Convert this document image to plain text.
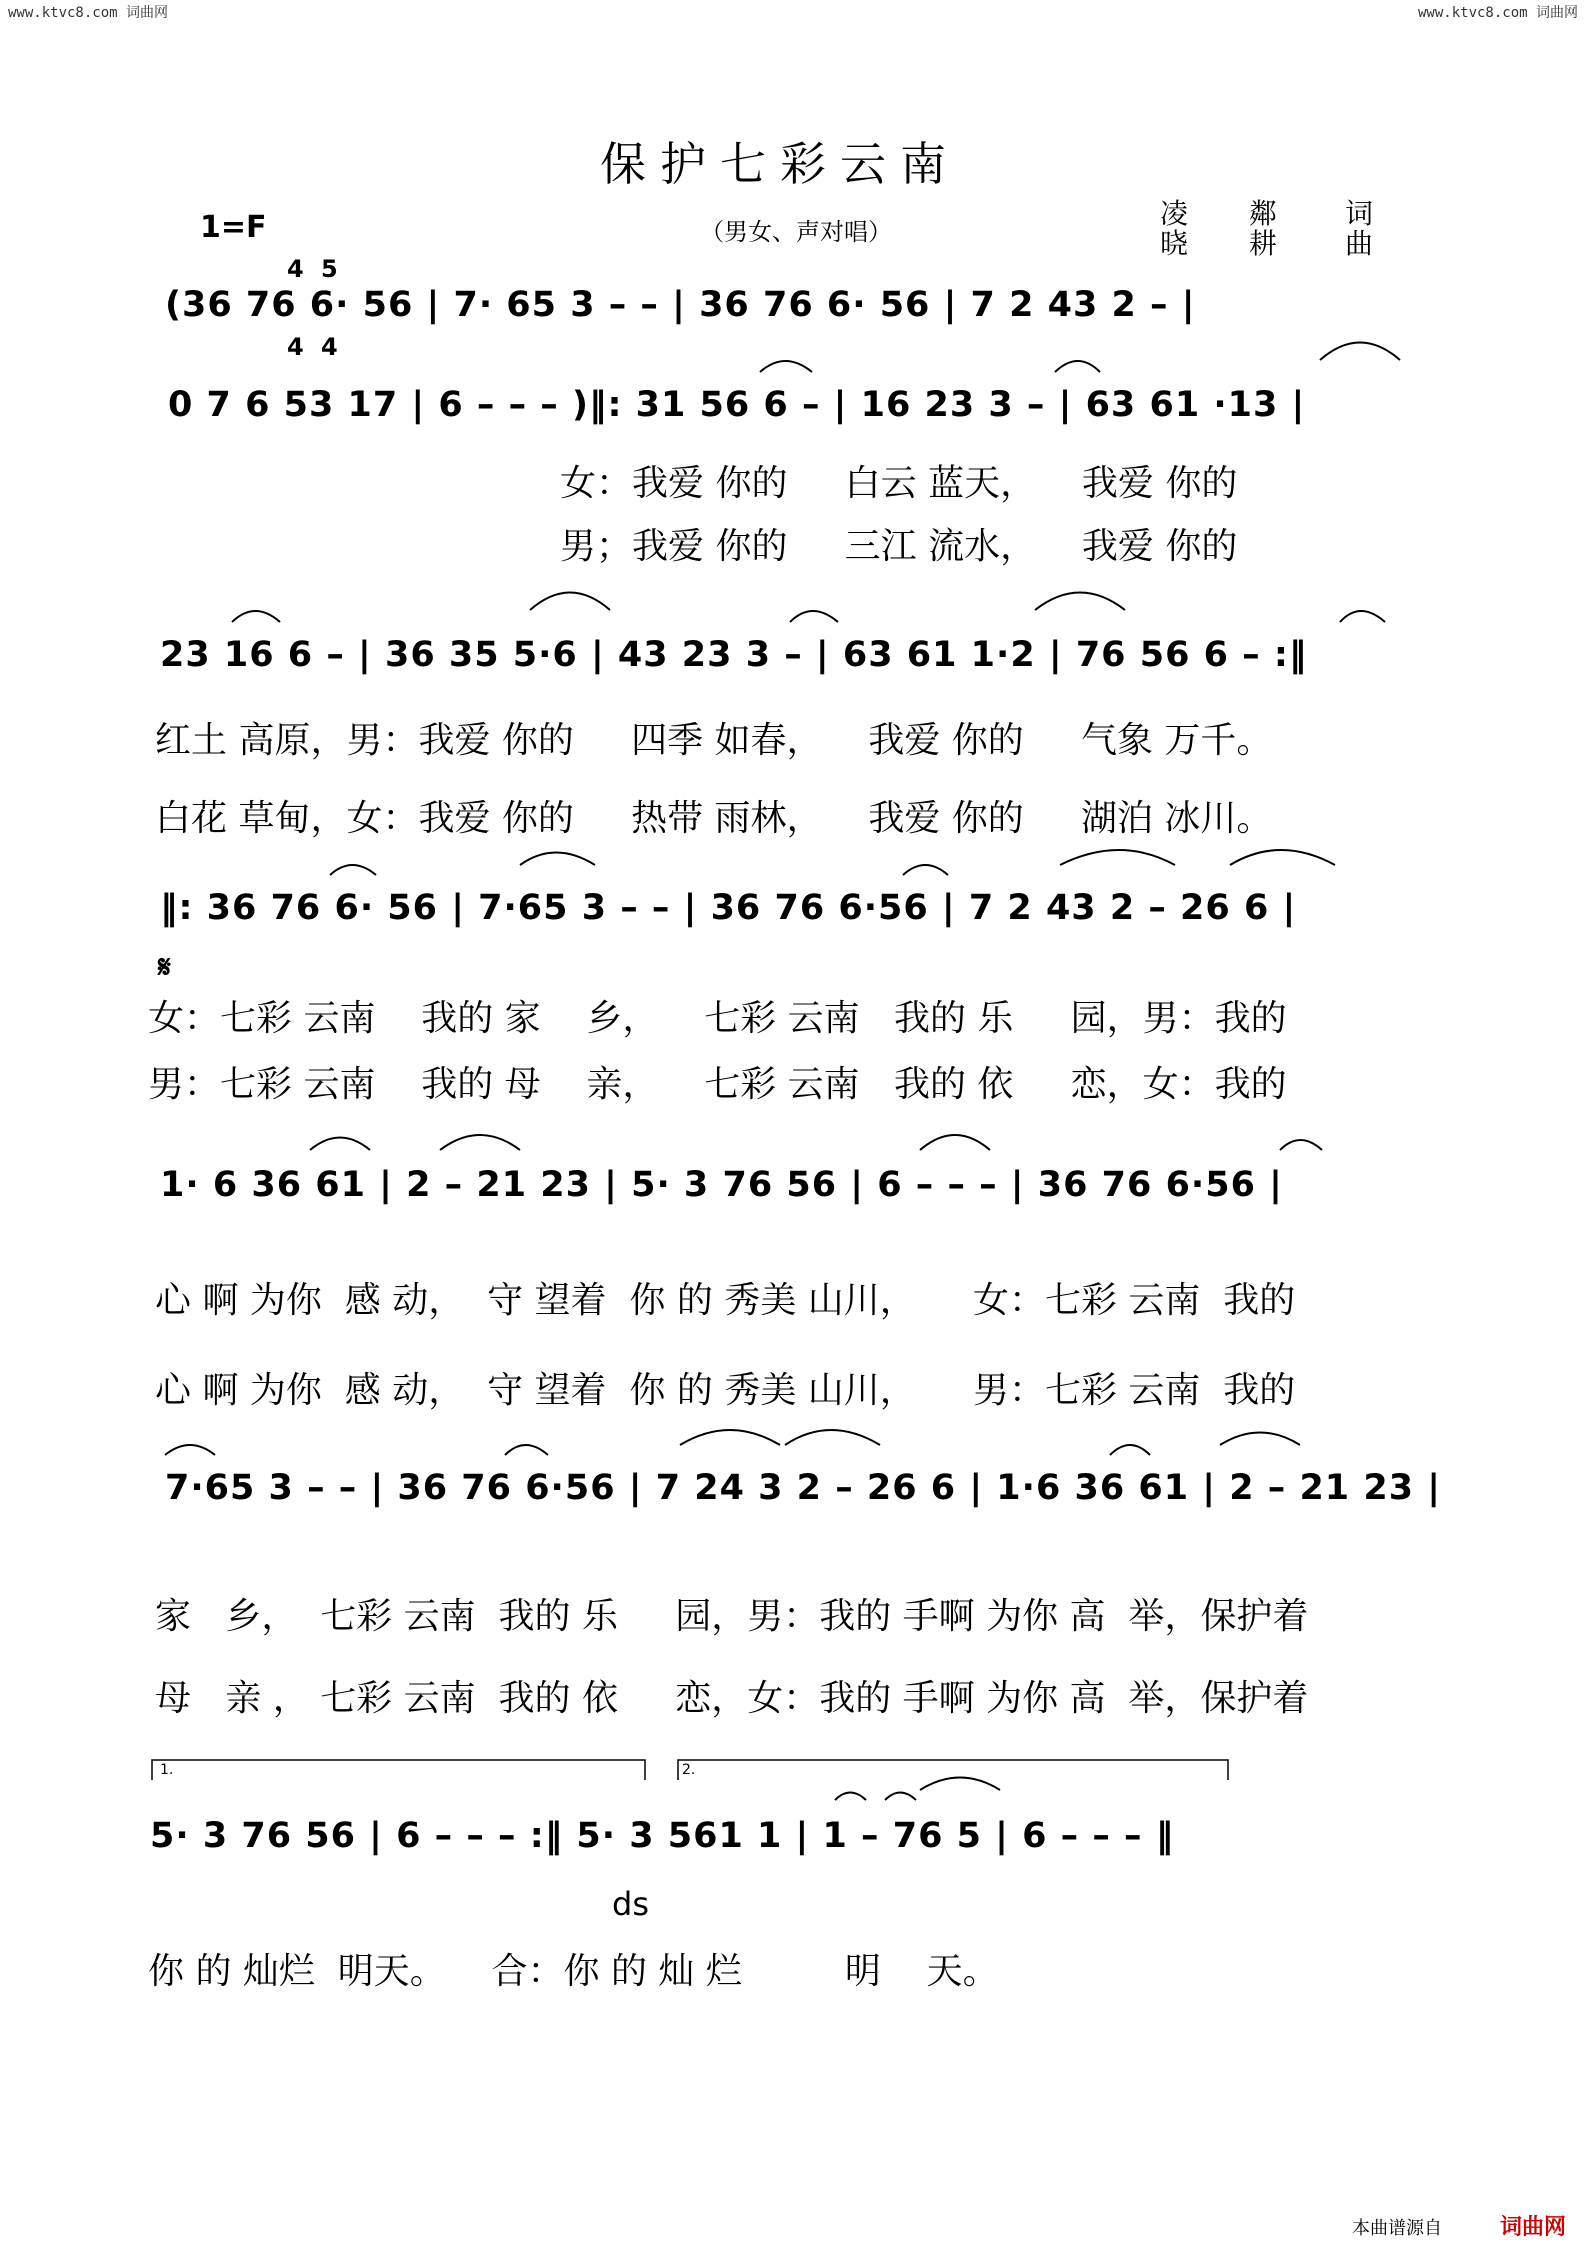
www.ktvc8.com 词曲网	www.ktvc8.com 词曲网
保护七彩云南
1=F

4

4

5

4

（男女、声对唱）
凌 鄰 词
晓 耕 曲
(36 76 6· 56 | 7· 65 3 – – | 36 76 6· 56 | 7 2 43 2 – |
0 7 6 53 17 | 6 – – – )‖: 31 56 6 – | 16 23 3 – | 63 61 ·13 |
女：我爱 你的     白云 蓝天，    我爱 你的
男；我爱 你的     三江 流水，    我爱 你的
23 16 6 – | 36 35 5·6 | 43 23 3 – | 63 61 1·2 | 76 56 6 – :‖
红土 高原，男：我爱 你的     四季 如春，    我爱 你的     气象 万千。
白花 草甸，女：我爱 你的     热带 雨林，    我爱 你的     湖泊 冰川。
‖: 36 76 6· 56 | 7·65 3 – – | 36 76 6·56 | 7 2 43 2 – 26 6 |
𝄋
女：七彩 云南    我的 家    乡，    七彩 云南   我的 乐     园，男：我的
男：七彩 云南    我的 母    亲，    七彩 云南   我的 依     恋，女：我的
1· 6 36 61 | 2 – 21 23 | 5· 3 76 56 | 6 – – – | 36 76 6·56 |
心 啊 为你  感 动，  守 望着  你 的 秀美 山川，     女：七彩 云南  我的
心 啊 为你  感 动，  守 望着  你 的 秀美 山川，     男：七彩 云南  我的
7·65 3 – – | 36 76 6·56 | 7 24 3 2 – 26 6 | 1·6 36 61 | 2 – 21 23 |
家   乡，  七彩 云南  我的 乐     园，男：我的 手啊 为你 高  举，保护着
母   亲 ， 七彩 云南  我的 依     恋，女：我的 手啊 为你 高  举，保护着
1.	2.
5· 3 76 56 | 6 – – – :‖ 5· 3 561 1 | 1 – 76 5 | 6 – – – ‖
ds
你 的 灿烂  明天。    合：你 的 灿 烂         明    天。
本曲谱源自	词曲网
